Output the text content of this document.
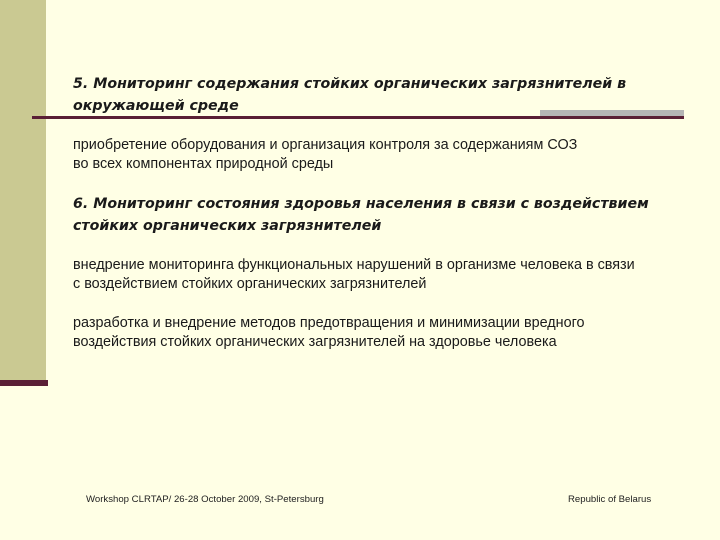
5. Мониторинг содержания стойких органических загрязнителей в
окружающей среде
приобретение оборудования и организация контроля за содержаниям СОЗ
во всех компонентах природной среды
6. Мониторинг состояния здоровья населения в связи с воздействием
стойких органических загрязнителей
внедрение мониторинга функциональных нарушений в организме человека в связи
с воздействием стойких органических загрязнителей
разработка и внедрение методов предотвращения и минимизации вредного
воздействия стойких органических загрязнителей на здоровье человека
Workshop CLRTAP/ 26-28 October 2009, St-Petersburg	Republic of Belarus
